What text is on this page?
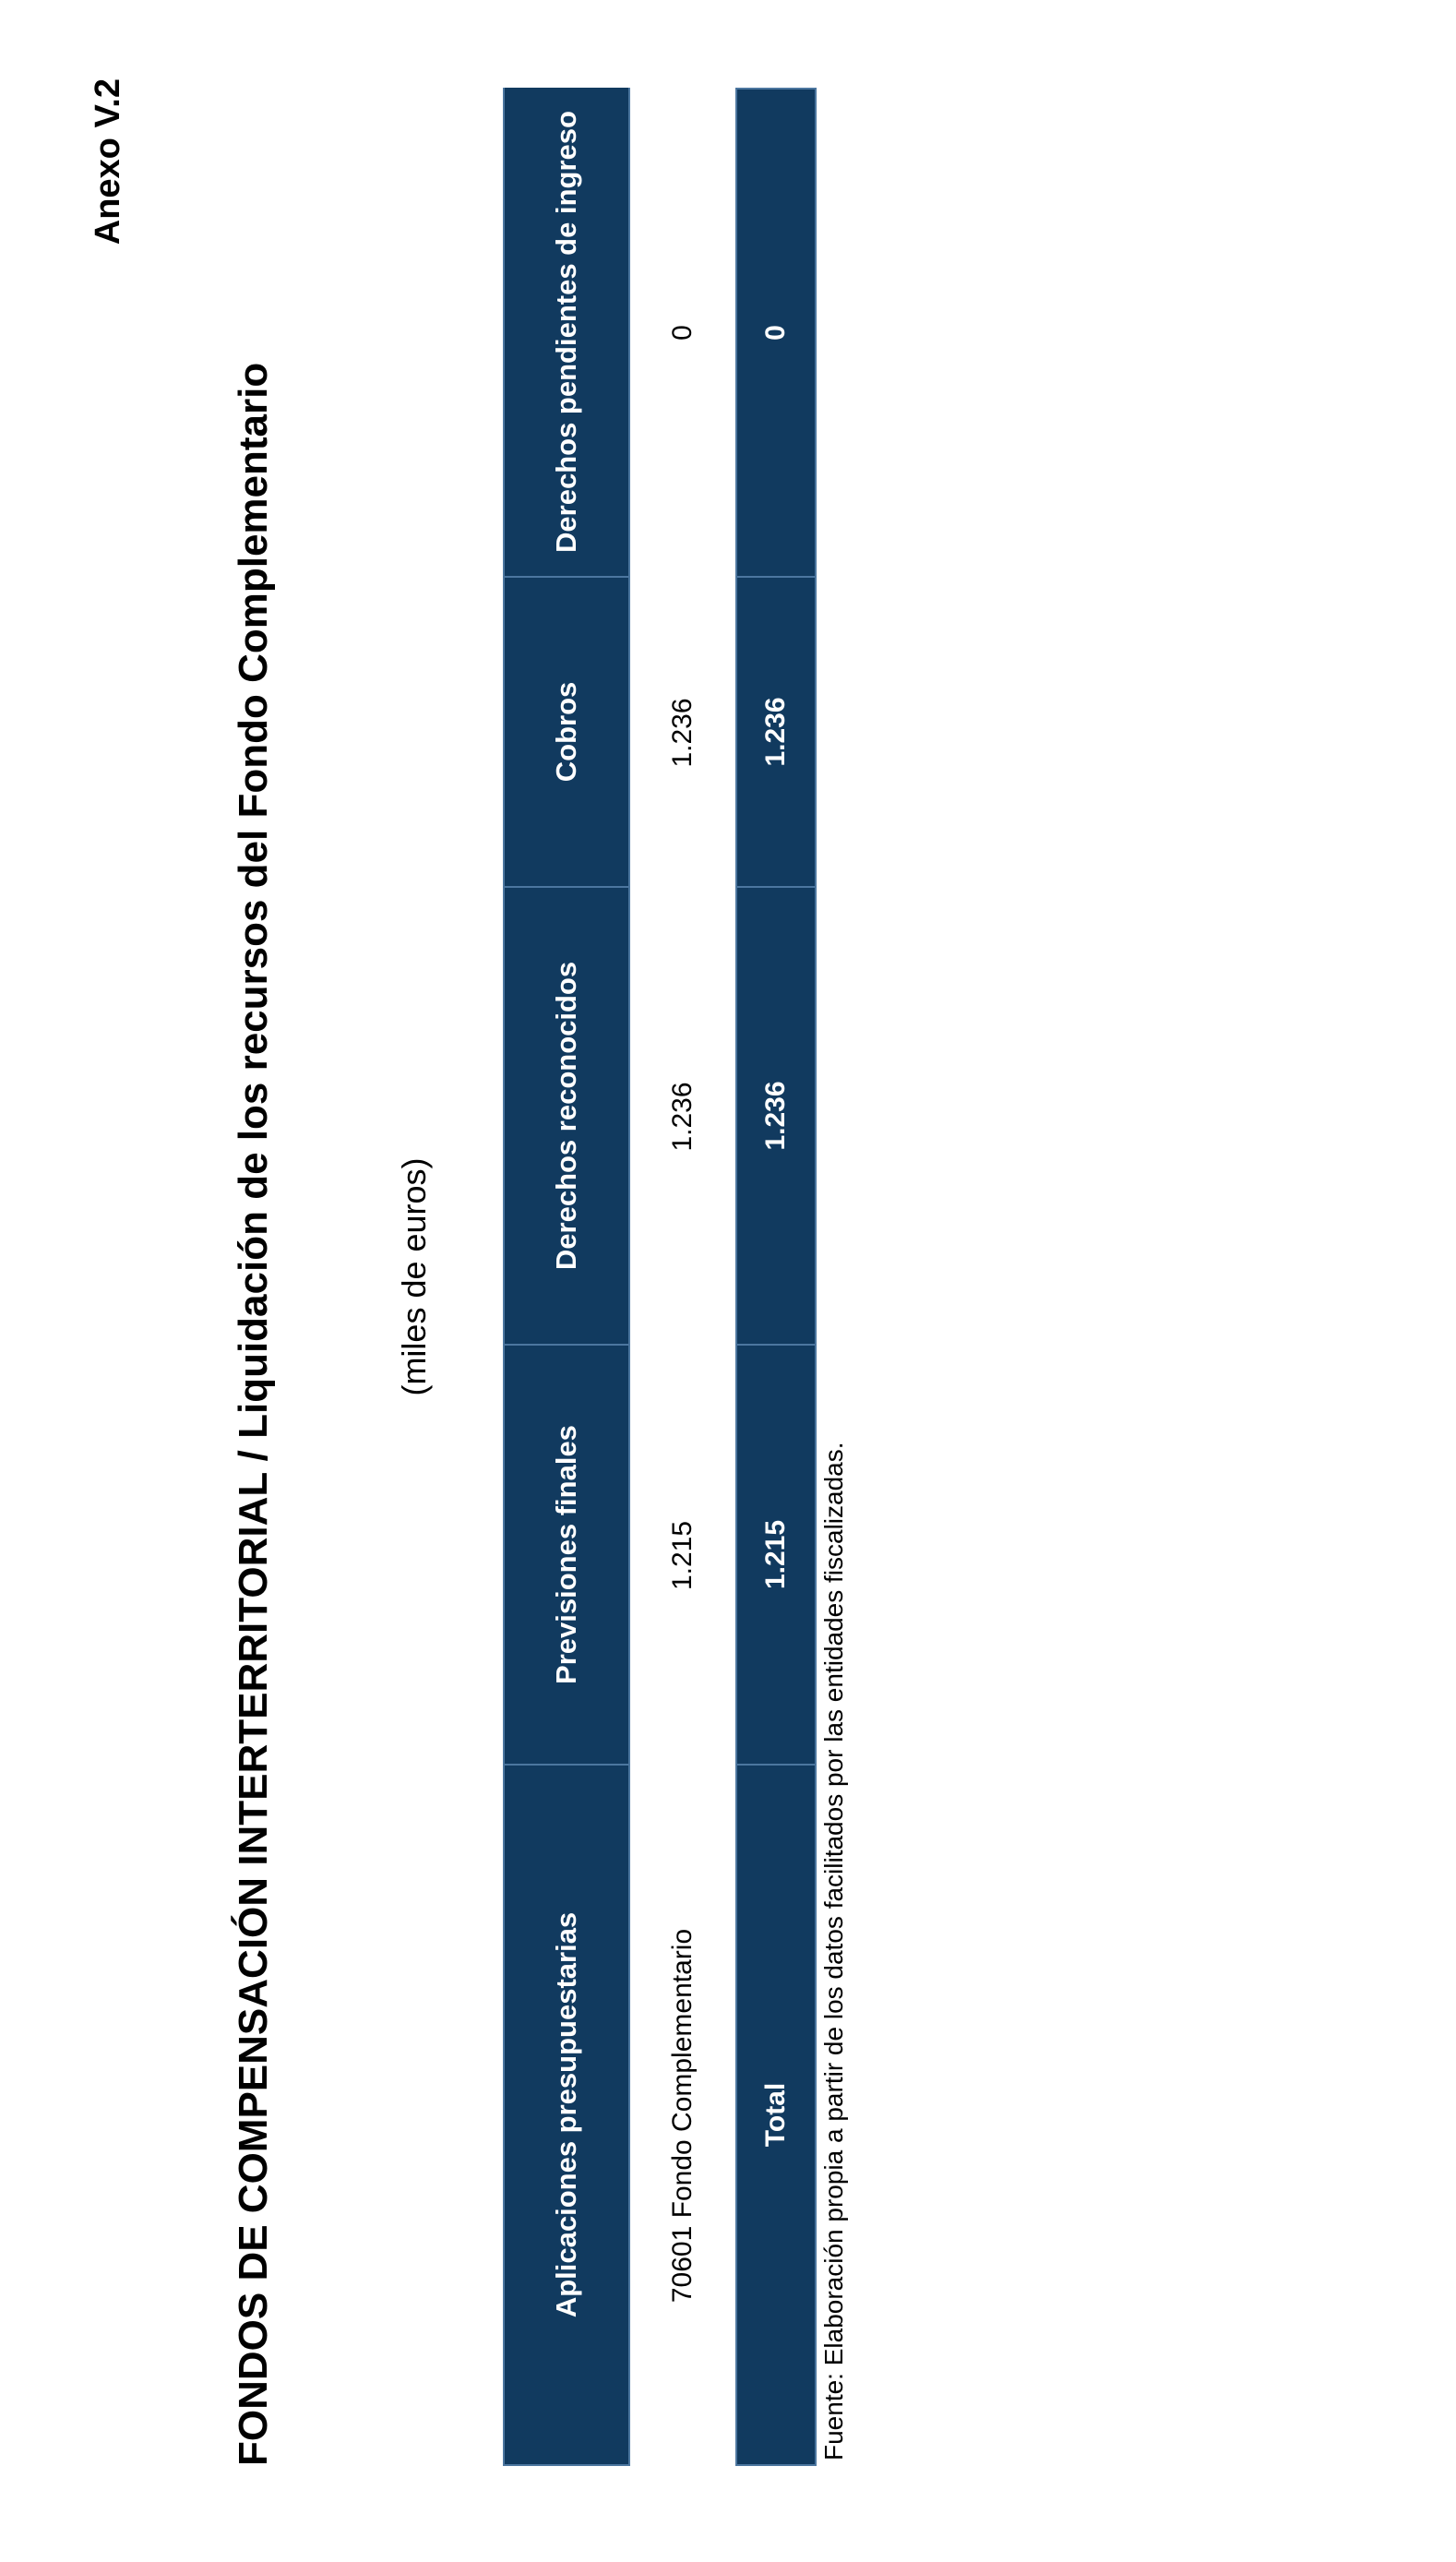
Anexo V.2
FONDOS DE COMPENSACIÓN INTERTERRITORIAL / Liquidación de los recursos del Fondo Complementario	(miles de euros)
Aplicaciones presupuestarias
Previsiones finales
Derechos reconocidos
Cobros
Derechos pendientes de ingreso
70601 Fondo Complementario
1.215
1.236
1.236
0
Total
1.215
1.236
1.236
0
Fuente: Elaboración propia a partir de los datos facilitados por las entidades fiscalizadas.
